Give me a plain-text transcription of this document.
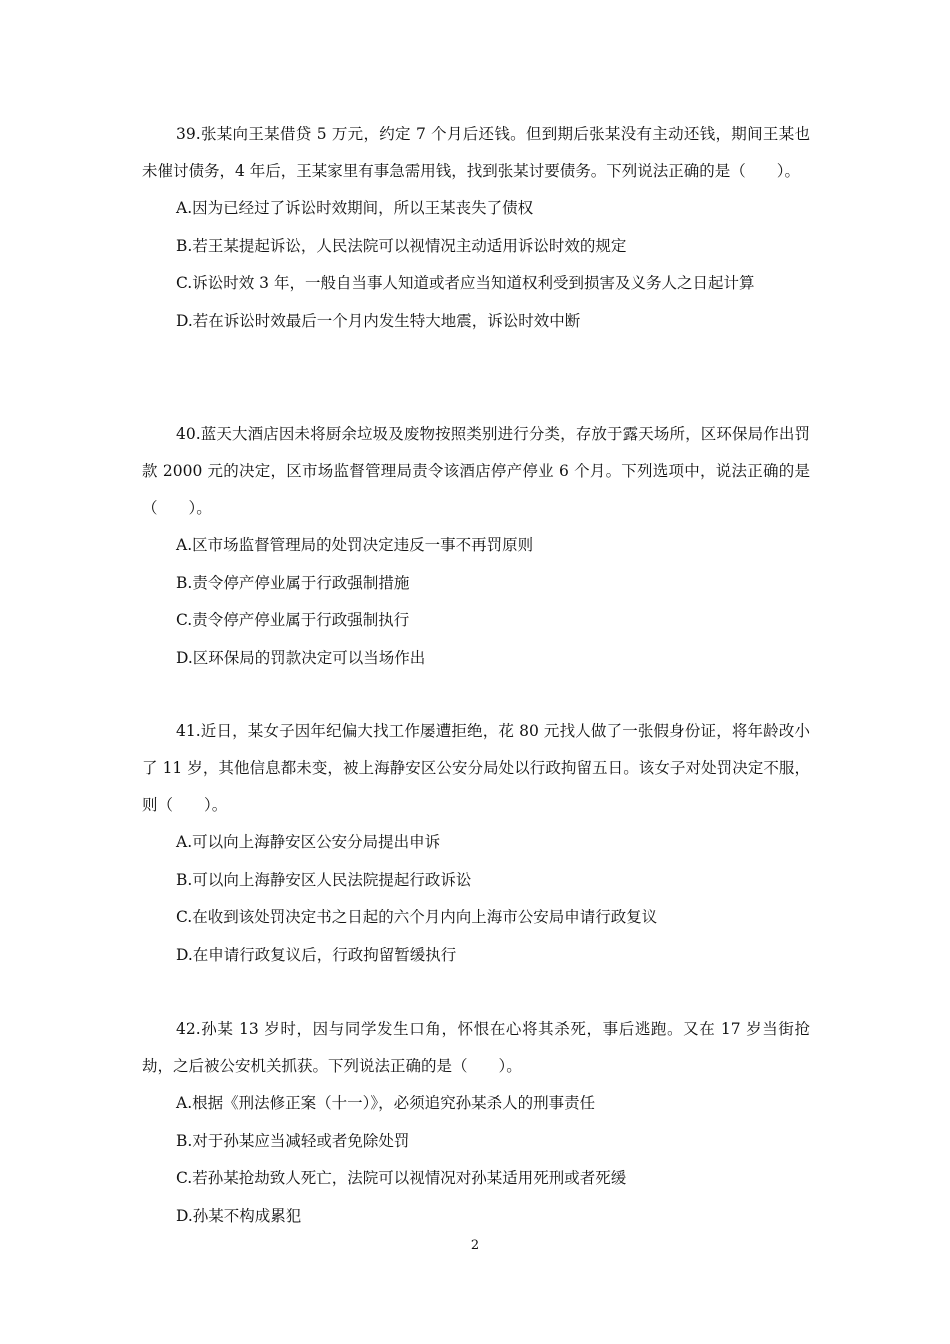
39.张某向王某借贷 5 万元，约定 7 个月后还钱。但到期后张某没有主动还钱，期间王某也未催讨债务，4 年后，王某家里有事急需用钱，找到张某讨要债务。下列说法正确的是（　　）。

A.因为已经过了诉讼时效期间，所以王某丧失了债权
B.若王某提起诉讼，人民法院可以视情况主动适用诉讼时效的规定
C.诉讼时效 3 年，一般自当事人知道或者应当知道权利受到损害及义务人之日起计算
D.若在诉讼时效最后一个月内发生特大地震，诉讼时效中断

40.蓝天大酒店因未将厨余垃圾及废物按照类别进行分类，存放于露天场所，区环保局作出罚款 2000 元的决定，区市场监督管理局责令该酒店停产停业 6 个月。下列选项中，说法正确的是（　　）。

A.区市场监督管理局的处罚决定违反一事不再罚原则
B.责令停产停业属于行政强制措施
C.责令停产停业属于行政强制执行
D.区环保局的罚款决定可以当场作出

41.近日，某女子因年纪偏大找工作屡遭拒绝，花 80 元找人做了一张假身份证，将年龄改小了 11 岁，其他信息都未变，被上海静安区公安分局处以行政拘留五日。该女子对处罚决定不服，则（　　）。

A.可以向上海静安区公安分局提出申诉
B.可以向上海静安区人民法院提起行政诉讼
C.在收到该处罚决定书之日起的六个月内向上海市公安局申请行政复议
D.在申请行政复议后，行政拘留暂缓执行

42.孙某 13 岁时，因与同学发生口角，怀恨在心将其杀死，事后逃跑。又在 17 岁当街抢劫，之后被公安机关抓获。下列说法正确的是（　　）。

A.根据《刑法修正案（十一）》，必须追究孙某杀人的刑事责任
B.对于孙某应当减轻或者免除处罚
C.若孙某抢劫致人死亡，法院可以视情况对孙某适用死刑或者死缓
D.孙某不构成累犯
2
